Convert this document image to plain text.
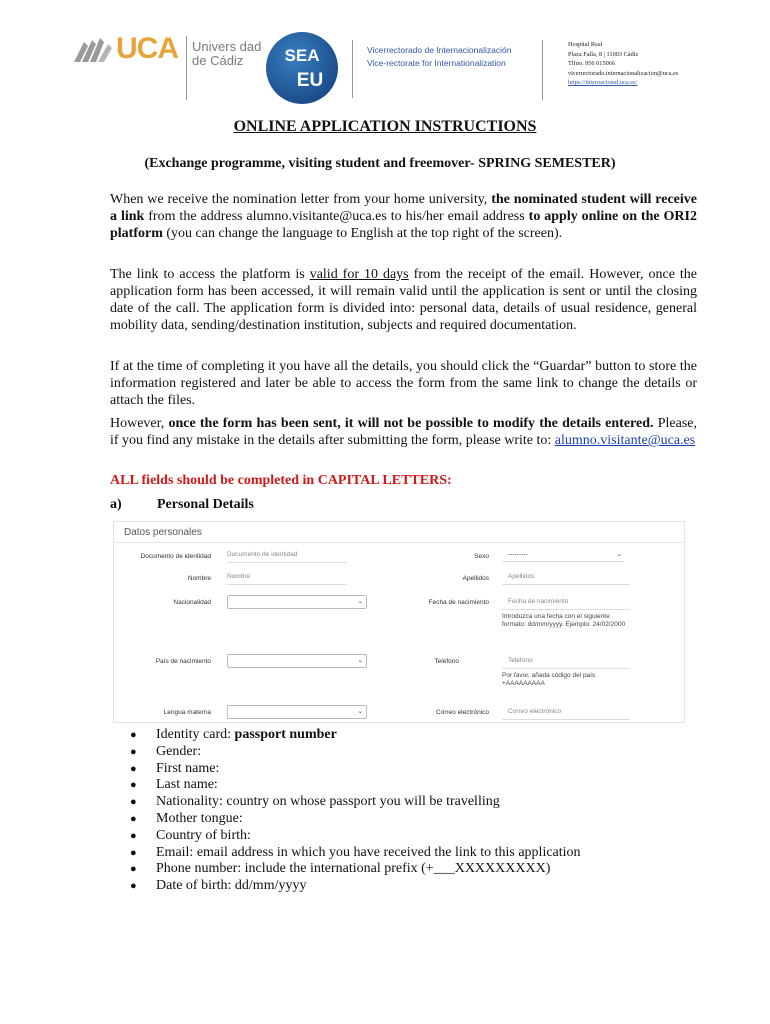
UCA Univers dad
de Cádiz	SEA
EU
Vicerrectorado de Internacionalización
Vice-rectorate for Internationalization
Hospital Real
Plaza Falla, 8 | 11003 Cádiz
Tlfno. 956 015066
vicerrectorado.internacionalizacion@uca.es
https://internacional.uca.es/
ONLINE APPLICATION INSTRUCTIONS
(Exchange programme, visiting student and freemover- SPRING SEMESTER)
When we receive the nomination letter from your home university, the nominated student will receive a link from the address alumno.visitante@uca.es to his/her email address to apply online on the ORI2 platform (you can change the language to English at the top right of the screen).
The link to access the platform is valid for 10 days from the receipt of the email. However, once the application form has been accessed, it will remain valid until the application is sent or until the closing date of the call. The application form is divided into: personal data, details of usual residence, general mobility data, sending/destination institution, subjects and required documentation.
If at the time of completing it you have all the details, you should click the “Guardar” button to store the information registered and later be able to access the form from the same link to change the details or attach the files.
However, once the form has been sent, it will not be possible to modify the details entered. Please, if you find any mistake in the details after submitting the form, please write to: alumno.visitante@uca.es
ALL fields should be completed in CAPITAL LETTERS:
a)	Personal Details
Datos personales
Documento de identidad Documento de identidad	Sexo	---------	⌄
Nombre Nombre	Apellidos	Apellidos
Nacionalidad	⌄	Fecha de nacimiento	Fecha de nacimiento
Introduzca una fecha con el siguiente formato: dd/mm/yyyy. Ejemplo: 24/02/2000
País de nacimiento	⌄	Teléfono	Teléfono
Por favor, añada código del país +AAAAAAAAA
Lengua materna	⌄	Correo electrónico	Correo electrónico
● Identity card: passport number
● Gender:
● First name:
● Last name:
● Nationality: country on whose passport you will be travelling
● Mother tongue:
● Country of birth:
● Email: email address in which you have received the link to this application
● Phone number: include the international prefix (+___XXXXXXXXX)
● Date of birth: dd/mm/yyyy
